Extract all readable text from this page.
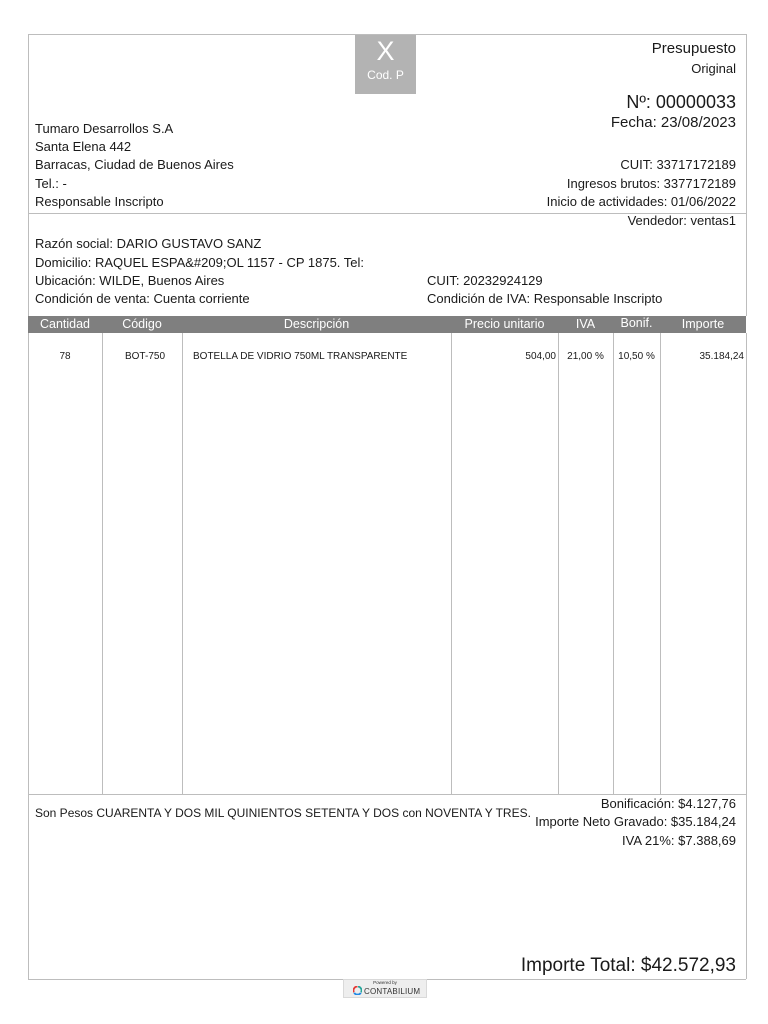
X
Cod. P
Presupuesto
Original
Nº: 00000033
Fecha: 23/08/2023
Tumaro Desarrollos S.A
Santa Elena 442
Barracas, Ciudad de Buenos Aires
Tel.: -
Responsable Inscripto
CUIT: 33717172189
Ingresos brutos: 3377172189
Inicio de actividades: 01/06/2022
Vendedor: ventas1
Razón social: DARIO GUSTAVO SANZ
Domicilio: RAQUEL ESPA&#209;OL 1157 - CP 1875. Tel:
Ubicación: WILDE, Buenos Aires
Condición de venta: Cuenta corriente
CUIT: 20232924129
Condición de IVA: Responsable Inscripto
Cantidad	Código	Descripción	Precio unitario	IVA	Bonif.	Importe
78	BOT-750	BOTELLA DE VIDRIO 750ML TRANSPARENTE	504,00	21,00 %	10,50 %	35.184,24
Son Pesos CUARENTA Y DOS MIL QUINIENTOS SETENTA Y DOS con NOVENTA Y TRES.
Bonificación: $4.127,76
Importe Neto Gravado: $35.184,24
IVA 21%: $7.388,69
Importe Total: $42.572,93
Powered by
CONTABILIUM
